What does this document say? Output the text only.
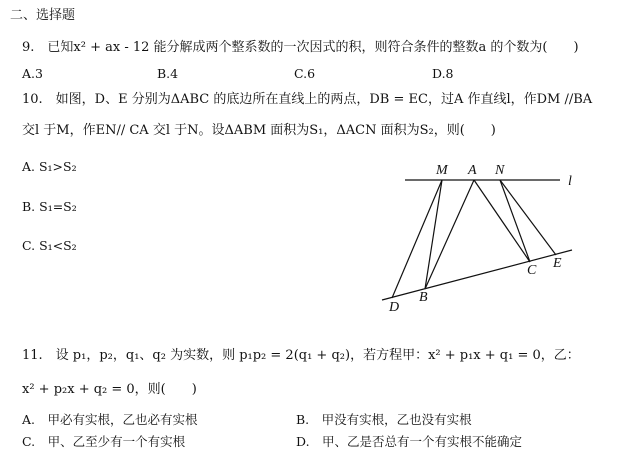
二、选择题
9.　已知x² + ax - 12 能分解成两个整系数的一次因式的积，则符合条件的整数a 的个数为(　　)
A.3	B.4	C.6	D.8
10.　如图，D、E 分别为ΔABC 的底边所在直线上的两点，DB = EC，过A 作直线l，作DM //BA
交l 于M，作EN// CA 交l 于N。设ΔABM 面积为S₁，ΔACN 面积为S₂，则(　　)
A. S₁>S₂
B. S₁=S₂
C. S₁<S₂
M A N
l
D
B
C E
11.　设 p₁，p₂，q₁、q₂ 为实数，则 p₁p₂ = 2(q₁ + q₂)，若方程甲：x² + p₁x + q₁ = 0，乙：
x² + p₂x + q₂ = 0，则(　　)
A.　甲必有实根，乙也必有实根	B.　甲没有实根，乙也没有实根
C.　甲、乙至少有一个有实根	D.　甲、乙是否总有一个有实根不能确定
